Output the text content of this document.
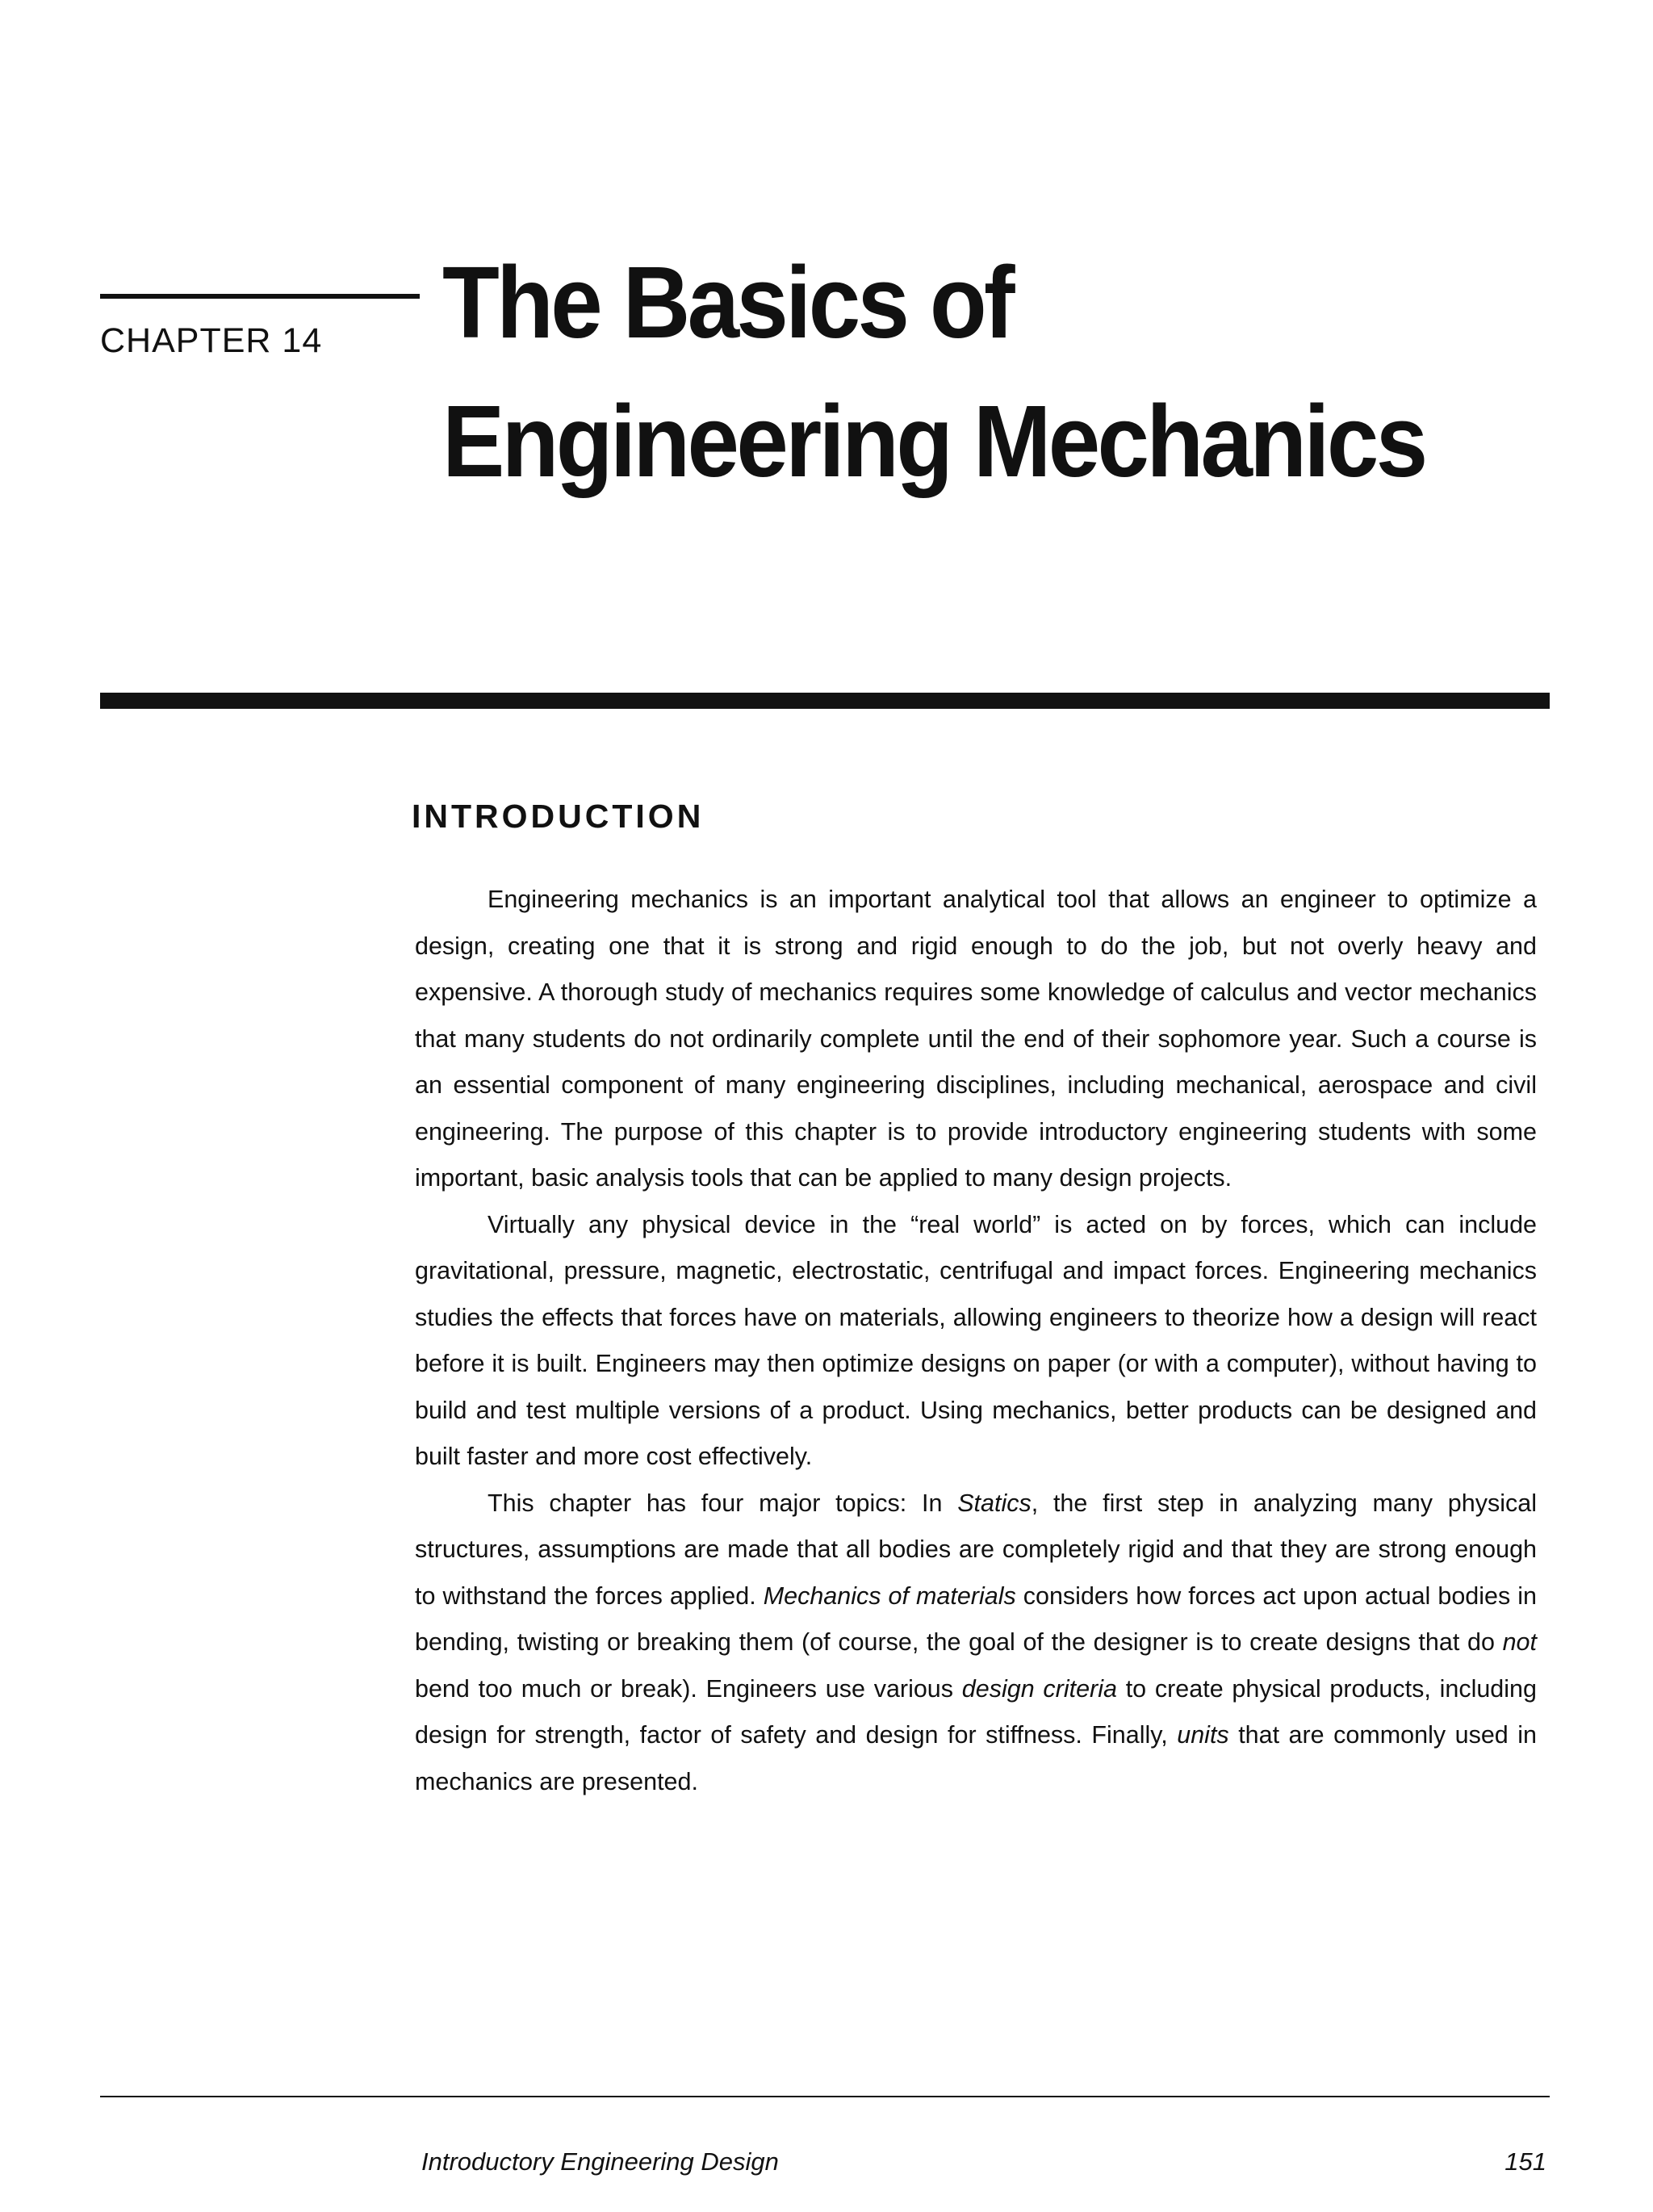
CHAPTER 14 The Basics of
Engineering Mechanics
INTRODUCTION

Engineering mechanics is an important analytical tool that allows an engineer to optimize a design, creating one that it is strong and rigid enough to do the job, but not overly heavy and expensive. A thorough study of mechanics requires some knowledge of calculus and vector mechanics that many students do not ordinarily complete until the end of their sophomore year. Such a course is an essential component of many engineering disciplines, including mechanical, aerospace and civil engineering. The purpose of this chapter is to provide introductory engineering students with some important, basic analysis tools that can be applied to many design projects.

Virtually any physical device in the “real world” is acted on by forces, which can include gravitational, pressure, magnetic, electrostatic, centrifugal and impact forces. Engineering mechanics studies the effects that forces have on materials, allowing engineers to theorize how a design will react before it is built. Engineers may then optimize designs on paper (or with a computer), without having to build and test multiple versions of a product. Using mechanics, better products can be designed and built faster and more cost effectively.

This chapter has four major topics: In Statics, the first step in analyzing many physical structures, assumptions are made that all bodies are completely rigid and that they are strong enough to withstand the forces applied. Mechanics of materials considers how forces act upon actual bodies in bending, twisting or breaking them (of course, the goal of the designer is to create designs that do not bend too much or break). Engineers use various design criteria to create physical products, including design for strength, factor of safety and design for stiffness. Finally, units that are commonly used in mechanics are presented.

Introductory Engineering Design	151
